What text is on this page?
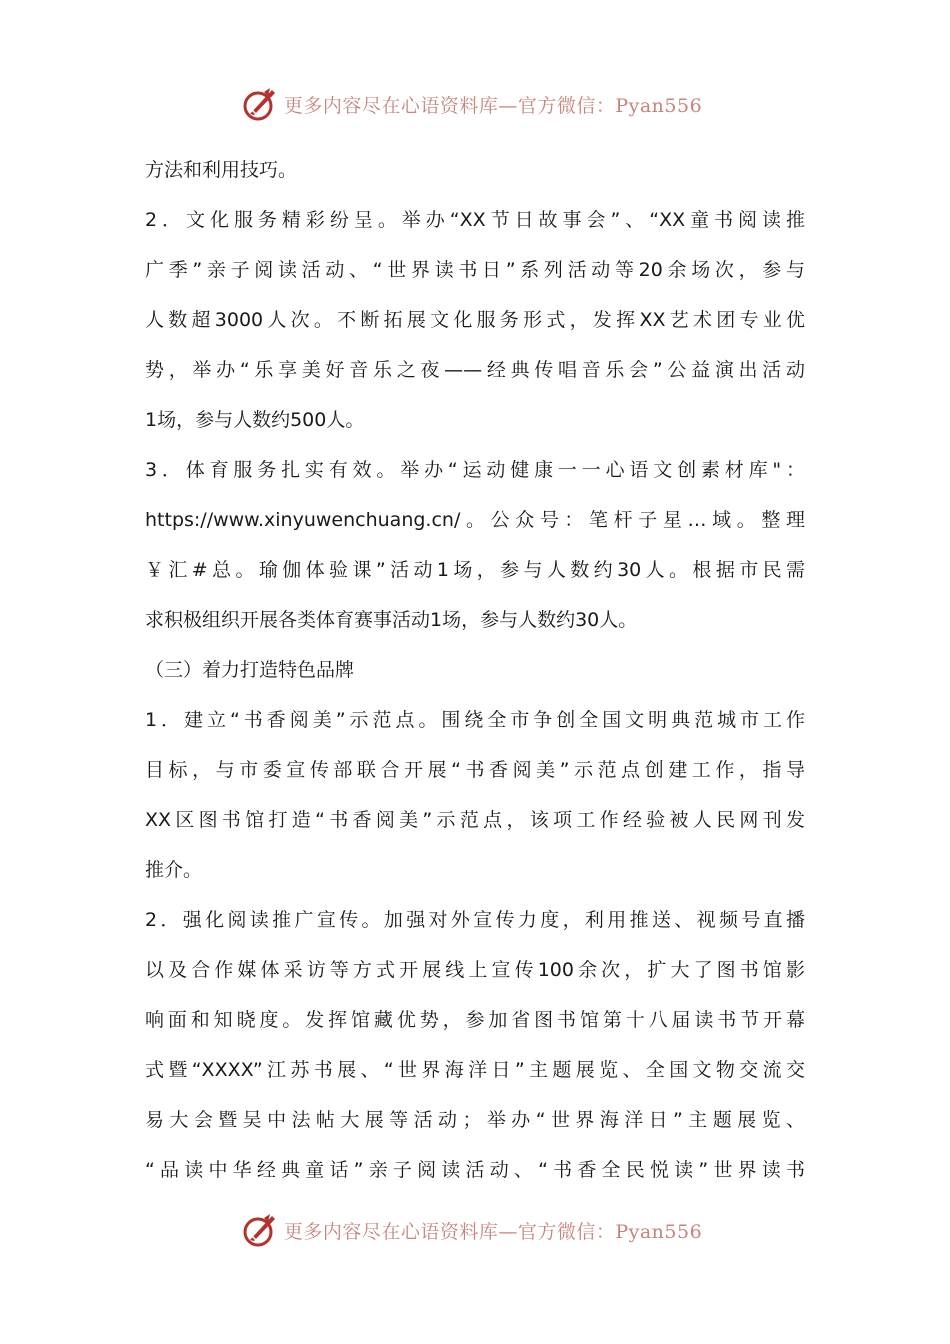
更多内容尽在心语资料库—官方微信：Pyan556
方法和利用技巧。
2．文化服务精彩纷呈。举办“XX节日故事会”、“XX童书阅读推
广季”亲子阅读活动、“世界读书日”系列活动等20余场次，参与
人数超3000人次。不断拓展文化服务形式，发挥XX艺术团专业优
势，举办“乐享美好音乐之夜——经典传唱音乐会”公益演出活动
1场，参与人数约500人。
3．体育服务扎实有效。举办“运动健康一一心语文创素材库"：
https://www.xinyuwenchuang.cn/。公众号：笔杆子星…域。整理
￥汇#总。瑜伽体验课”活动1场，参与人数约30人。根据市民需
求积极组织开展各类体育赛事活动1场，参与人数约30人。
（三）着力打造特色品牌
1．建立“书香阅美”示范点。围绕全市争创全国文明典范城市工作
目标，与市委宣传部联合开展“书香阅美”示范点创建工作，指导
XX区图书馆打造“书香阅美”示范点，该项工作经验被人民网刊发
推介。
2．强化阅读推广宣传。加强对外宣传力度，利用推送、视频号直播
以及合作媒体采访等方式开展线上宣传100余次，扩大了图书馆影
响面和知晓度。发挥馆藏优势，参加省图书馆第十八届读书节开幕
式暨“XXXX”江苏书展、“世界海洋日”主题展览、全国文物交流交
易大会暨吴中法帖大展等活动；举办“世界海洋日”主题展览、
“品读中华经典童话”亲子阅读活动、“书香全民悦读”世界读书
更多内容尽在心语资料库—官方微信：Pyan556
